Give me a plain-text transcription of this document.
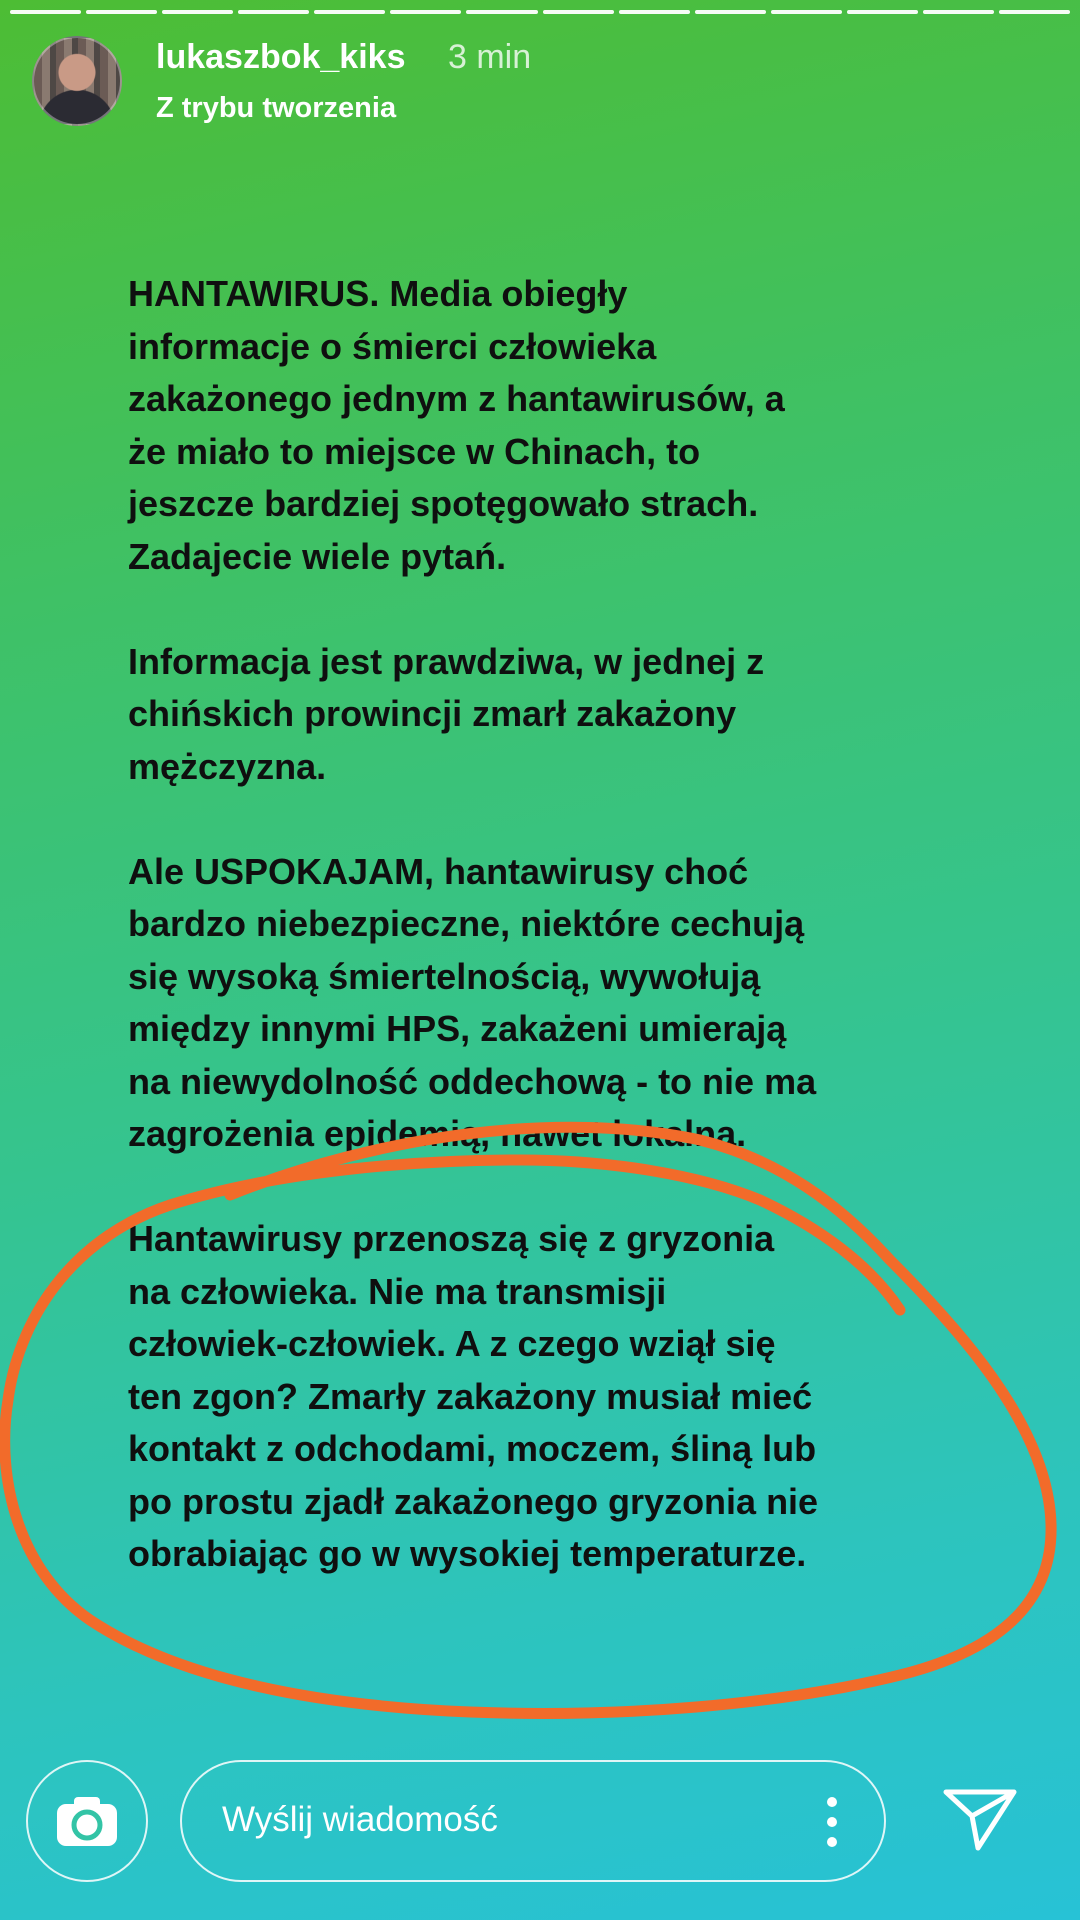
lukaszbok_kiks 3 min
Z trybu tworzenia

HANTAWIRUS. Media obiegły
informacje o śmierci człowieka
zakażonego jednym z hantawirusów, a
że miało to miejsce w Chinach, to
jeszcze bardziej spotęgowało strach.
Zadajecie wiele pytań.

Informacja jest prawdziwa, w jednej z
chińskich prowincji zmarł zakażony
mężczyzna.

Ale USPOKAJAM, hantawirusy choć
bardzo niebezpieczne, niektóre cechują
się wysoką śmiertelnością, wywołują
między innymi HPS, zakażeni umierają
na niewydolność oddechową - to nie ma
zagrożenia epidemią, nawet lokalną.

Hantawirusy przenoszą się z gryzonia
na człowieka. Nie ma transmisji
człowiek-człowiek. A z czego wziął się
ten zgon? Zmarły zakażony musiał mieć
kontakt z odchodami, moczem, śliną lub
po prostu zjadł zakażonego gryzonia nie
obrabiając go w wysokiej temperaturze.

Wyślij wiadomość
